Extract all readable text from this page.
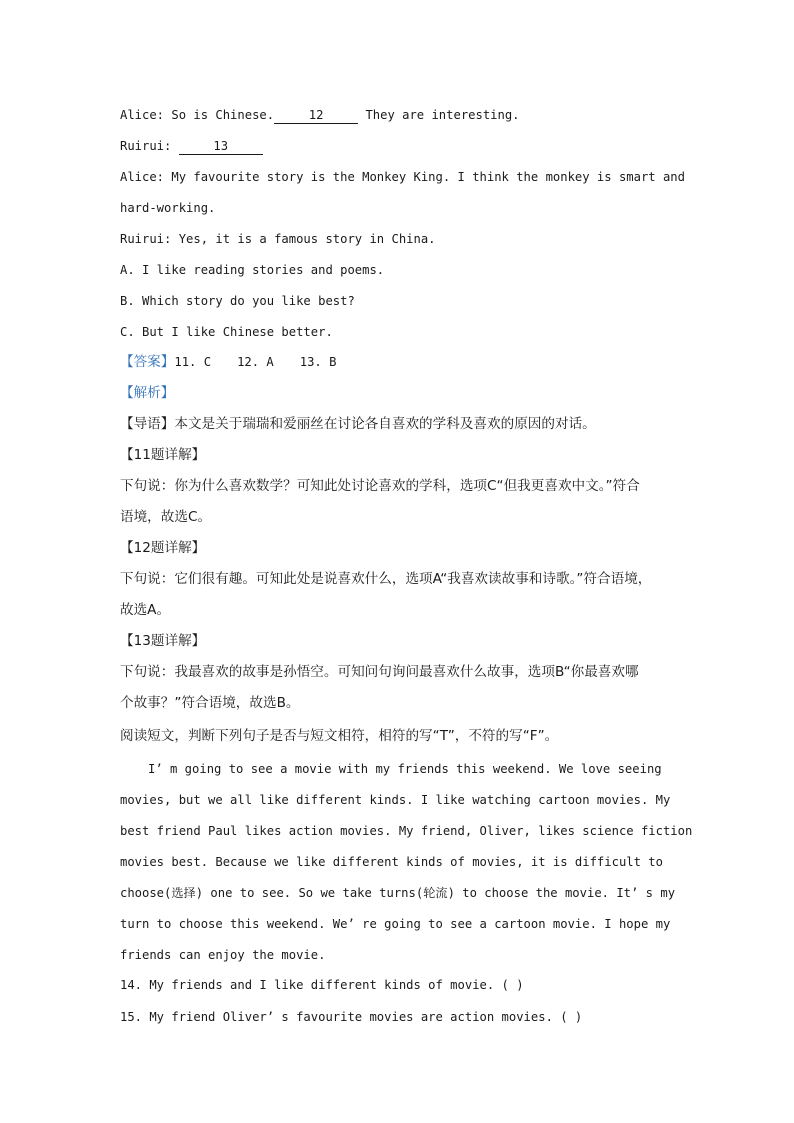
Alice: So is Chinese.	12	They are interesting.
Ruirui:	13
Alice: My favourite story is the Monkey King. I think the monkey is smart and
hard-working.
Ruirui: Yes, it is a famous story in China.
A. I like reading stories and poems.
B. Which story do you like best?
C. But I like Chinese better.
【答案】11. C 12. A 13. B
【解析】
【导语】本文是关于瑞瑞和爱丽丝在讨论各自喜欢的学科及喜欢的原因的对话。
【11题详解】
下句说：你为什么喜欢数学？可知此处讨论喜欢的学科，选项C“但我更喜欢中文。”符合
语境，故选C。
【12题详解】
下句说：它们很有趣。可知此处是说喜欢什么，选项A“我喜欢读故事和诗歌。”符合语境，
故选A。
【13题详解】
下句说：我最喜欢的故事是孙悟空。可知问句询问最喜欢什么故事，选项B“你最喜欢哪
个故事？”符合语境，故选B。
阅读短文，判断下列句子是否与短文相符，相符的写“T”，不符的写“F”。
I’ m going to see a movie with my friends this weekend. We love seeing
movies, but we all like different kinds. I like watching cartoon movies. My
best friend Paul likes action movies. My friend, Oliver, likes science fiction
movies best. Because we like different kinds of movies, it is difficult to
choose(选择) one to see. So we take turns(轮流) to choose the movie. It’ s my
turn to choose this weekend. We’ re going to see a cartoon movie. I hope my
friends can enjoy the movie.
14. My friends and I like different kinds of movie. ( )
15. My friend Oliver’ s favourite movies are action movies. ( )
